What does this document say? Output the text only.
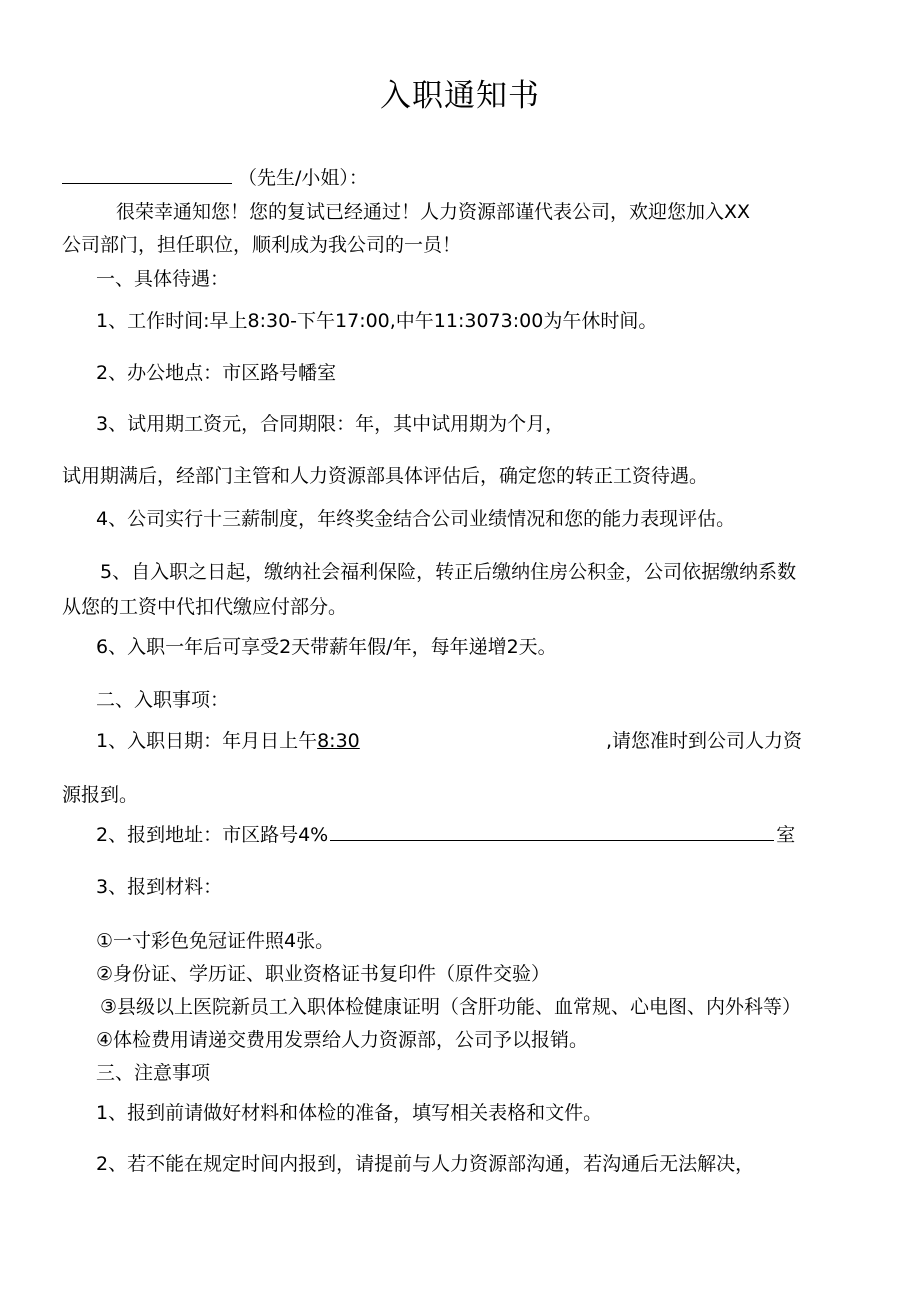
入职通知书
（先生/小姐）：
很荣幸通知您！您的复试已经通过！人力资源部谨代表公司，欢迎您加入XX
公司部门，担任职位，顺利成为我公司的一员！
一、具体待遇：
1、工作时间:早上8:30-下午17:00,中午11:3073:00为午休时间。
2、办公地点：市区路号幡室
3、试用期工资元，合同期限：年，其中试用期为个月，
试用期满后，经部门主管和人力资源部具体评估后，确定您的转正工资待遇。
4、公司实行十三薪制度，年终奖金结合公司业绩情况和您的能力表现评估。
5、自入职之日起，缴纳社会福利保险，转正后缴纳住房公积金，公司依据缴纳系数
从您的工资中代扣代缴应付部分。
6、入职一年后可享受2天带薪年假/年，每年递增2天。
二、入职事项：
1、入职日期：年月日上午8:30	,请您准时到公司人力资
源报到。
2、报到地址：市区路号4%	室
3、报到材料：
①一寸彩色免冠证件照4张。
②身份证、学历证、职业资格证书复印件（原件交验）
③县级以上医院新员工入职体检健康证明（含肝功能、血常规、心电图、内外科等）
④体检费用请递交费用发票给人力资源部，公司予以报销。
三、注意事项
1、报到前请做好材料和体检的准备，填写相关表格和文件。
2、若不能在规定时间内报到，请提前与人力资源部沟通，若沟通后无法解决，
